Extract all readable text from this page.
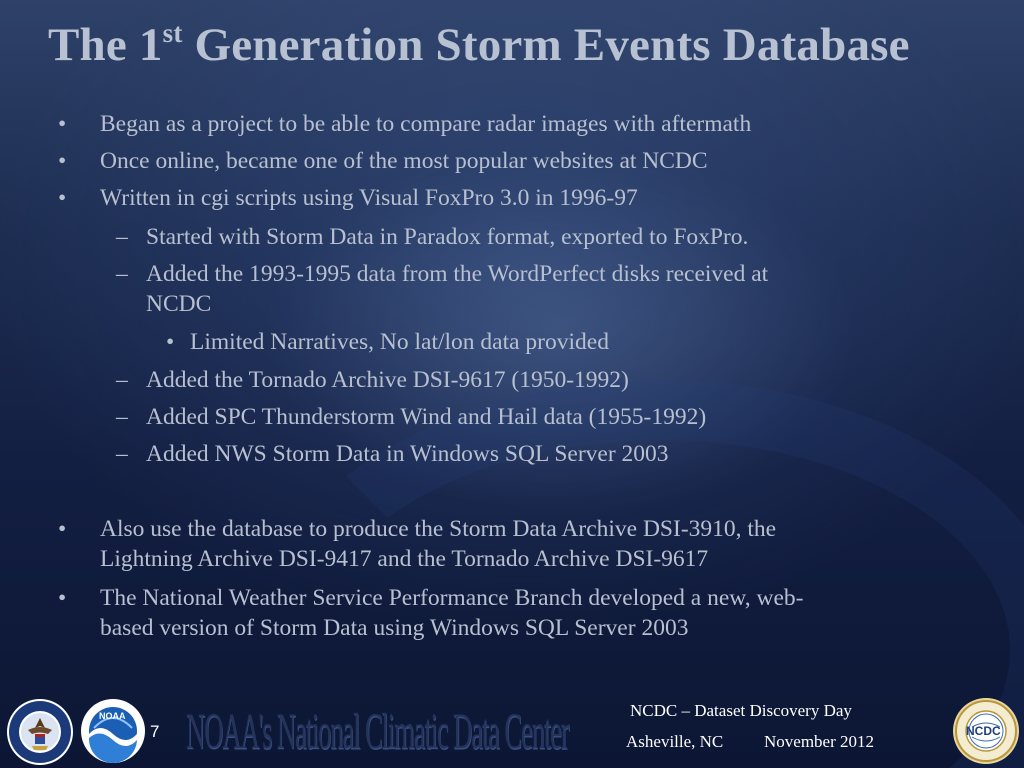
The 1st Generation Storm Events Database
• Began as a project to be able to compare radar images with aftermath
• Once online, became one of the most popular websites at NCDC
• Written in cgi scripts using Visual FoxPro 3.0 in 1996-97
– Started with Storm Data in Paradox format, exported to FoxPro.
– Added the 1993-1995 data from the WordPerfect disks received at
NCDC
• Limited Narratives, No lat/lon data provided
– Added the Tornado Archive DSI-9617 (1950-1992)
– Added SPC Thunderstorm Wind and Hail data (1955-1992)
– Added NWS Storm Data in Windows SQL Server 2003
• Also use the database to produce the Storm Data Archive DSI-3910, the
Lightning Archive DSI-9417 and the Tornado Archive DSI-9617
• The National Weather Service Performance Branch developed a new, web-
based version of Storm Data using Windows SQL Server 2003
NOAA
7 NOAA's National Climatic Data Center	NCDC – Dataset Discovery Day
Asheville, NC November 2012
NCDC
